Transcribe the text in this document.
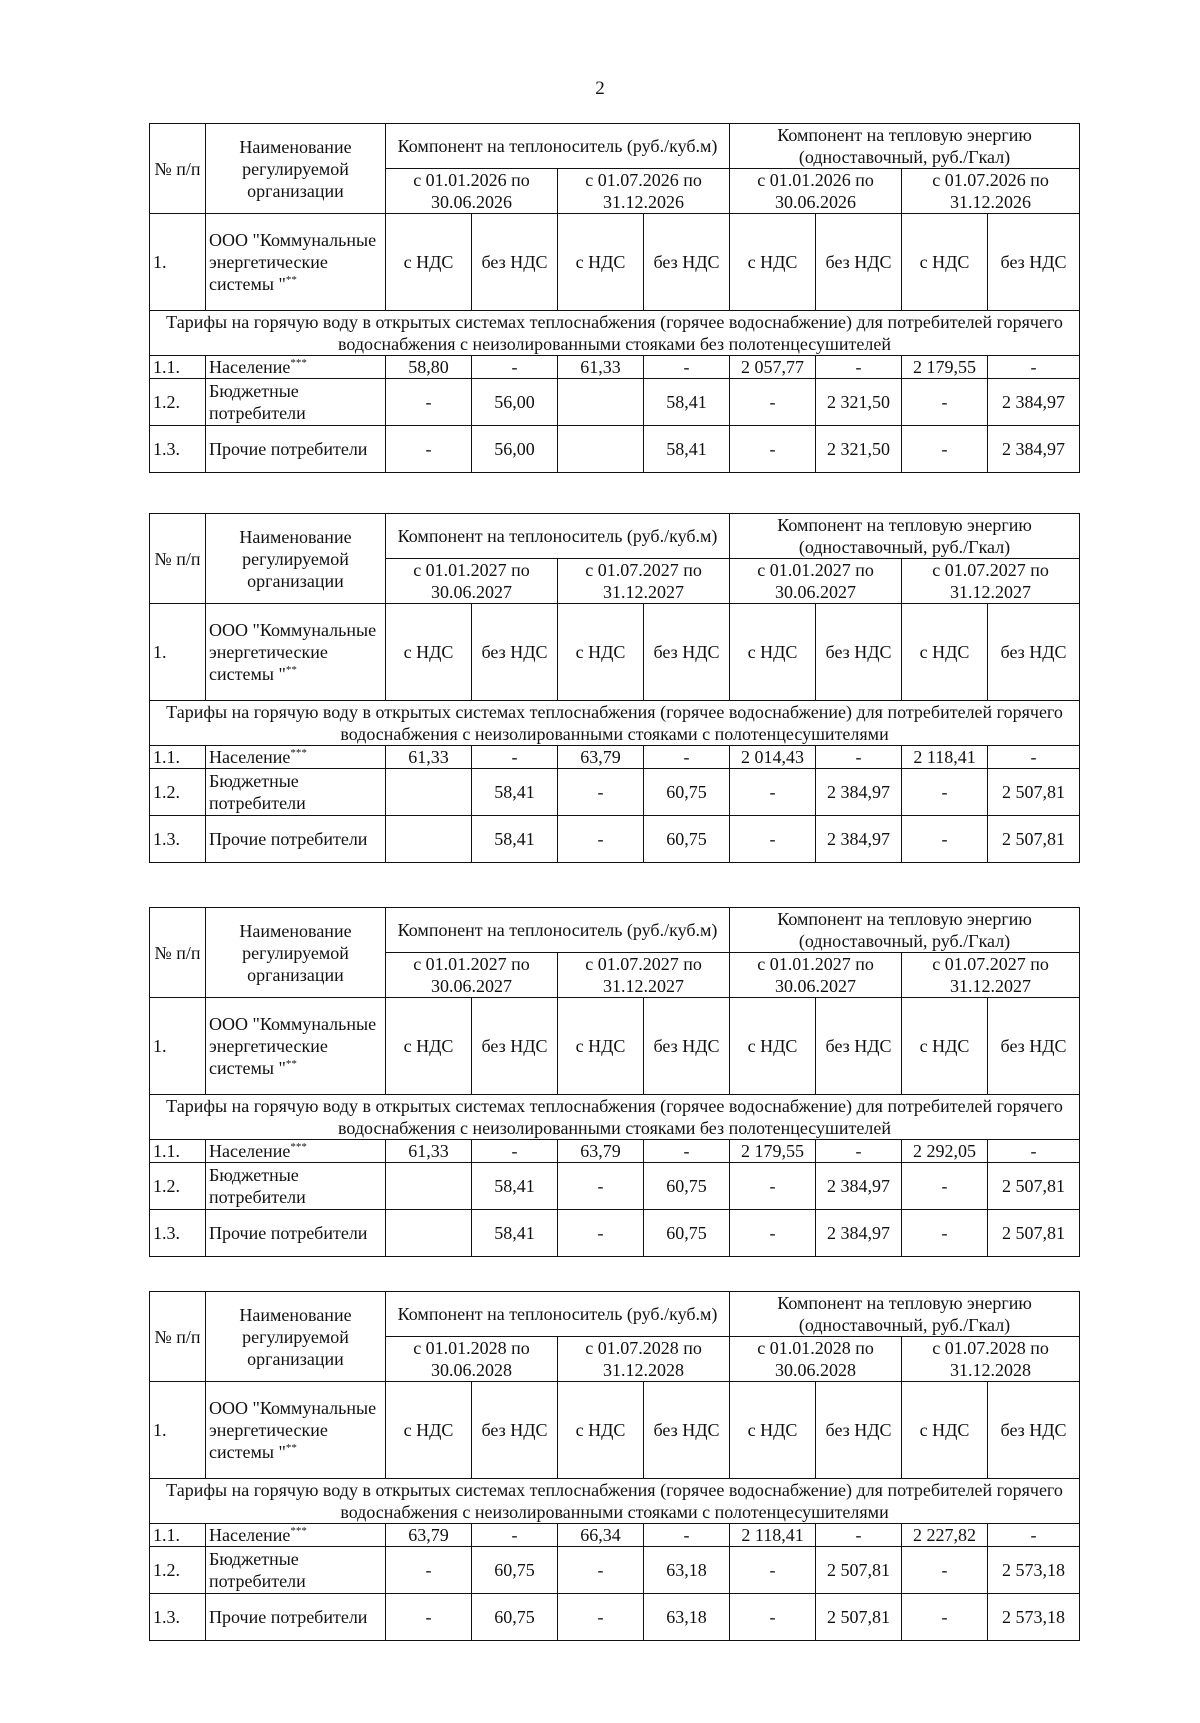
2
№ п/п	Наименование регулируемой организации	Компонент на теплоноситель (руб./куб.м)				Компонент на тепловую энергию (одноставочный, руб./Гкал)			
		с 01.01.2026 по 30.06.2026		с 01.07.2026 по 31.12.2026		с 01.01.2026 по 30.06.2026		с 01.07.2026 по 31.12.2026	
1.	ООО "Коммунальные энергетические системы "**	с НДС	без НДС	с НДС	без НДС	с НДС	без НДС	с НДС	без НДС
Тарифы на горячую воду в открытых системах теплоснабжения (горячее водоснабжение) для потребителей горячего водоснабжения с неизолированными стояками без полотенцесушителей									
1.1.	Население***	58,80	-	61,33	-	2 057,77	-	2 179,55	-
1.2.	Бюджетные потребители	-	56,00		58,41	-	2 321,50	-	2 384,97
1.3.	Прочие потребители	-	56,00		58,41	-	2 321,50	-	2 384,97
№ п/п	Наименование регулируемой организации	Компонент на теплоноситель (руб./куб.м)				Компонент на тепловую энергию (одноставочный, руб./Гкал)			
		с 01.01.2027 по 30.06.2027		с 01.07.2027 по 31.12.2027		с 01.01.2027 по 30.06.2027		с 01.07.2027 по 31.12.2027	
1.	ООО "Коммунальные энергетические системы "**	с НДС	без НДС	с НДС	без НДС	с НДС	без НДС	с НДС	без НДС
Тарифы на горячую воду в открытых системах теплоснабжения (горячее водоснабжение) для потребителей горячего водоснабжения с неизолированными стояками с полотенцесушителями									
1.1.	Население***	61,33	-	63,79	-	2 014,43	-	2 118,41	-
1.2.	Бюджетные потребители		58,41	-	60,75	-	2 384,97	-	2 507,81
1.3.	Прочие потребители		58,41	-	60,75	-	2 384,97	-	2 507,81
№ п/п	Наименование регулируемой организации	Компонент на теплоноситель (руб./куб.м)				Компонент на тепловую энергию (одноставочный, руб./Гкал)			
		с 01.01.2027 по 30.06.2027		с 01.07.2027 по 31.12.2027		с 01.01.2027 по 30.06.2027		с 01.07.2027 по 31.12.2027	
1.	ООО "Коммунальные энергетические системы "**	с НДС	без НДС	с НДС	без НДС	с НДС	без НДС	с НДС	без НДС
Тарифы на горячую воду в открытых системах теплоснабжения (горячее водоснабжение) для потребителей горячего водоснабжения с неизолированными стояками без полотенцесушителей									
1.1.	Население***	61,33	-	63,79	-	2 179,55	-	2 292,05	-
1.2.	Бюджетные потребители		58,41	-	60,75	-	2 384,97	-	2 507,81
1.3.	Прочие потребители		58,41	-	60,75	-	2 384,97	-	2 507,81
№ п/п	Наименование регулируемой организации	Компонент на теплоноситель (руб./куб.м)				Компонент на тепловую энергию (одноставочный, руб./Гкал)			
		с 01.01.2028 по 30.06.2028		с 01.07.2028 по 31.12.2028		с 01.01.2028 по 30.06.2028		с 01.07.2028 по 31.12.2028	
1.	ООО "Коммунальные энергетические системы "**	с НДС	без НДС	с НДС	без НДС	с НДС	без НДС	с НДС	без НДС
Тарифы на горячую воду в открытых системах теплоснабжения (горячее водоснабжение) для потребителей горячего водоснабжения с неизолированными стояками с полотенцесушителями									
1.1.	Население***	63,79	-	66,34	-	2 118,41	-	2 227,82	-
1.2.	Бюджетные потребители	-	60,75	-	63,18	-	2 507,81	-	2 573,18
1.3.	Прочие потребители	-	60,75	-	63,18	-	2 507,81	-	2 573,18
